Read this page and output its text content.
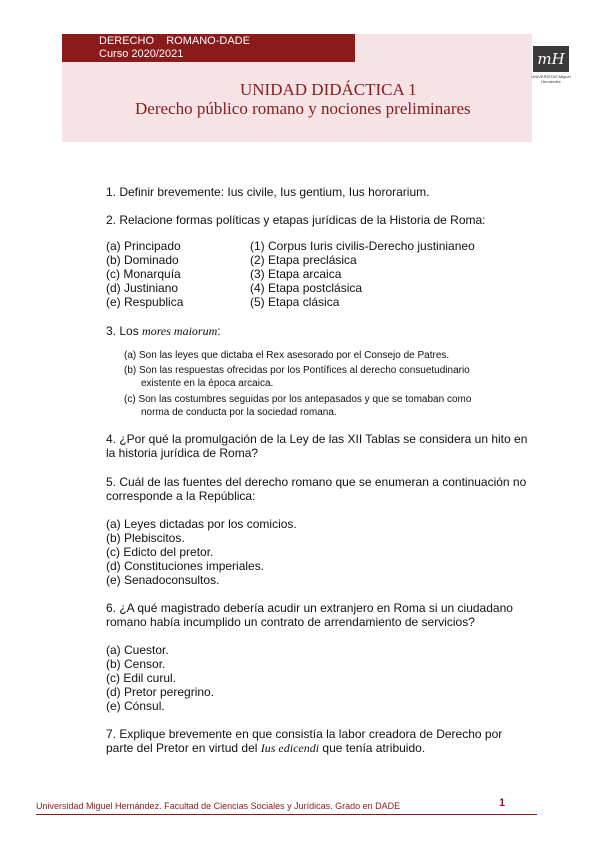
DERECHO    ROMANO-DADE
Curso 2020/2021	mH
UNIVERSITAS Miguel Hernández
UNIDAD DIDÁCTICA 1
Derecho público romano y nociones preliminares
1. Definir brevemente: Ius civile, Ius gentium, Ius hororarium.
2. Relacione formas políticas y etapas jurídicas de la Historia de Roma:
(a) Principado
(b) Dominado
(c) Monarquía
(d) Justiniano
(e) Respublica
(1) Corpus Iuris civilis-Derecho justinianeo
(2) Etapa preclásica
(3) Etapa arcaica
(4) Etapa postclásica
(5) Etapa clásica
3. Los mores maiorum:
(a) Son las leyes que dictaba el Rex asesorado por el Consejo de Patres.
(b) Son las respuestas ofrecidas por los Pontífices al derecho consuetudinario
existente en la época arcaica.
(c) Son las costumbres seguidas por los antepasados y que se tomaban como
norma de conducta por la sociedad romana.
4. ¿Por qué la promulgación de la Ley de las XII Tablas se considera un hito en
la historia jurídica de Roma?
5. Cuál de las fuentes del derecho romano que se enumeran a continuación no
corresponde a la República:
(a) Leyes dictadas por los comicios.
(b) Plebiscitos.
(c) Edicto del pretor.
(d) Constituciones imperiales.
(e) Senadoconsultos.
6. ¿A qué magistrado debería acudir un extranjero en Roma si un ciudadano
romano había incumplido un contrato de arrendamiento de servicios?
(a) Cuestor.
(b) Censor.
(c) Edil curul.
(d) Pretor peregrino.
(e) Cónsul.
7. Explique brevemente en que consistía la labor creadora de Derecho por
parte del Pretor en virtud del Ius edicendi que tenía atribuido.
Universidad Miguel Hernández. Facultad de Ciencias Sociales y Jurídicas. Grado en DADE	1
